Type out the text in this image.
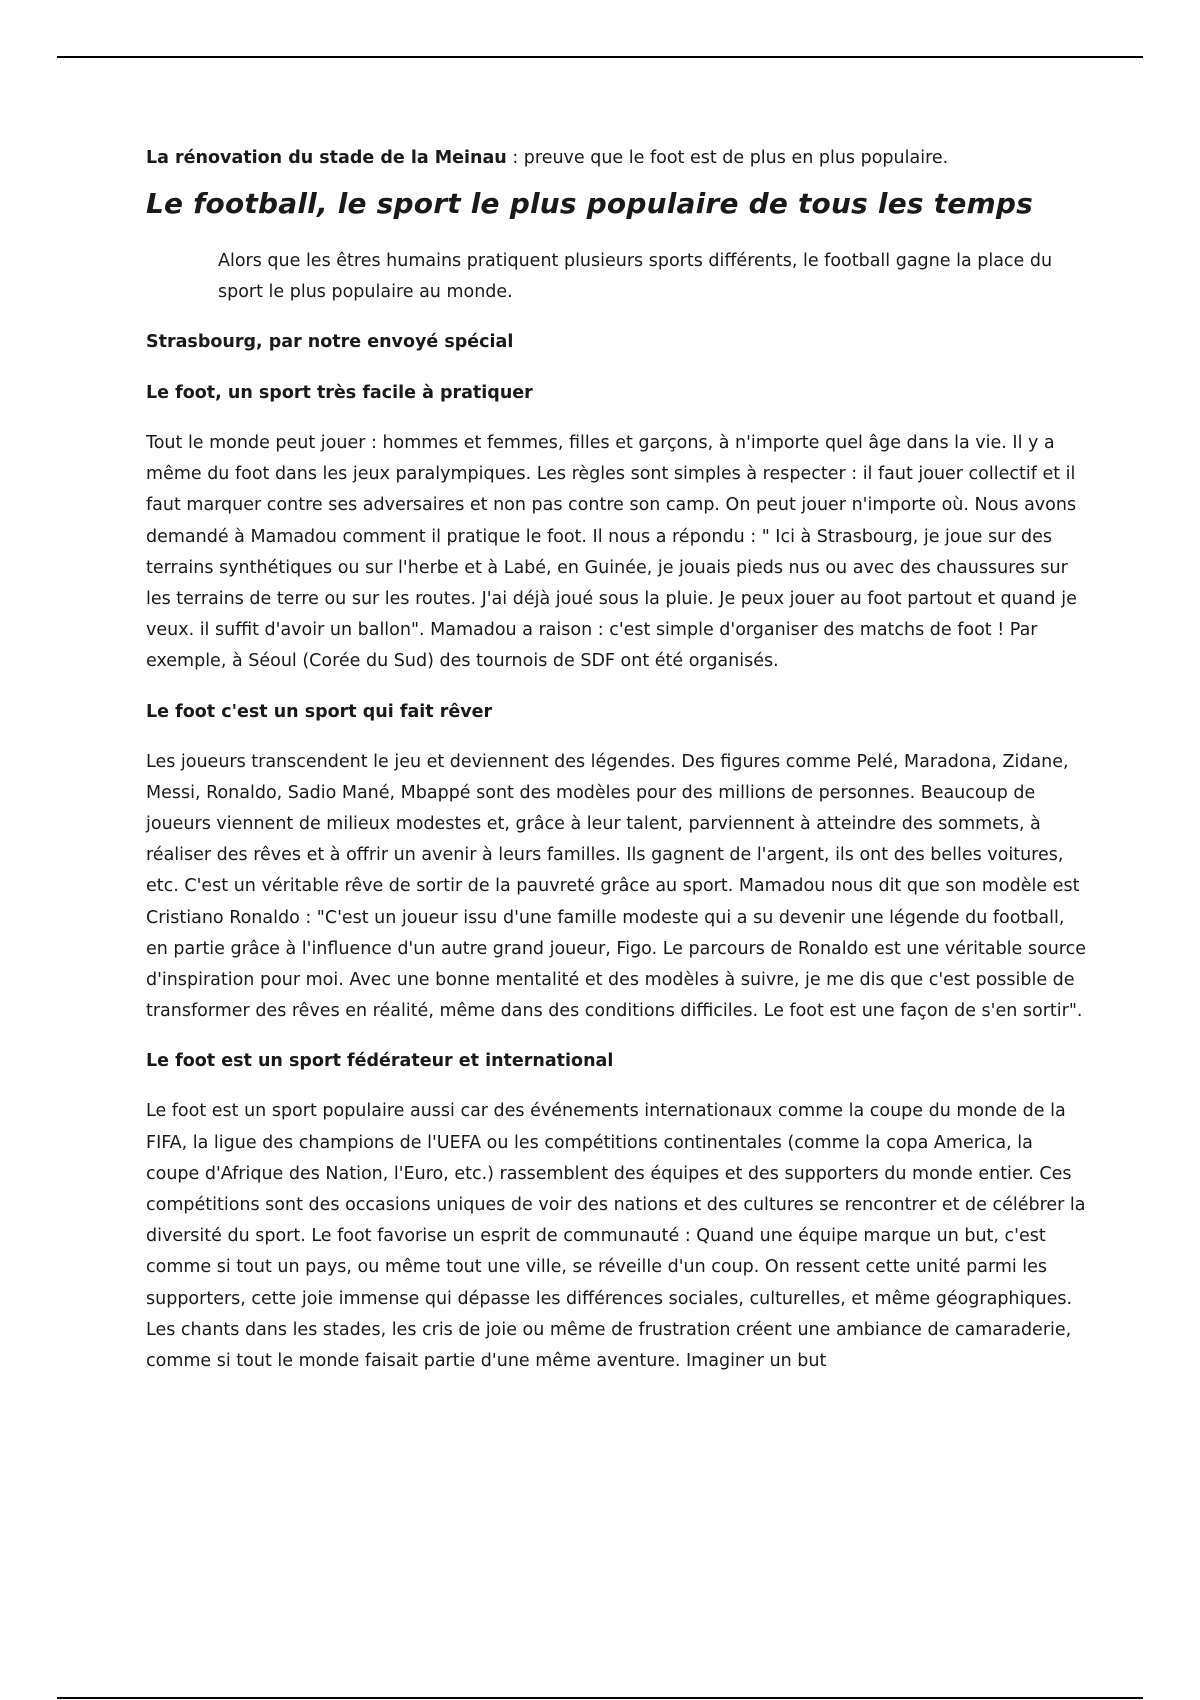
La rénovation du stade de la Meinau : preuve que le foot est de plus en plus populaire.

Le football, le sport le plus populaire de tous les temps

Alors que les êtres humains pratiquent plusieurs sports différents, le football gagne la place du sport le plus populaire au monde.

Strasbourg, par notre envoyé spécial
Le foot, un sport très facile à pratiquer

Tout le monde peut jouer : hommes et femmes, filles et garçons, à n'importe quel âge dans la vie. Il y a même du foot dans les jeux paralympiques. Les règles sont simples à respecter : il faut jouer collectif et il faut marquer contre ses adversaires et non pas contre son camp. On peut jouer n'importe où. Nous avons demandé à Mamadou comment il pratique le foot. Il nous a répondu : " Ici à Strasbourg, je joue sur des terrains synthétiques ou sur l'herbe et à Labé, en Guinée, je jouais pieds nus ou avec des chaussures sur les terrains de terre ou sur les routes. J'ai déjà joué sous la pluie. Je peux jouer au foot partout et quand je veux. il suffit d'avoir un ballon". Mamadou a raison : c'est simple d'organiser des matchs de foot ! Par exemple, à Séoul (Corée du Sud) des tournois de SDF ont été organisés.

Le foot c'est un sport qui fait rêver

Les joueurs transcendent le jeu et deviennent des légendes. Des figures comme Pelé, Maradona, Zidane, Messi, Ronaldo, Sadio Mané, Mbappé sont des modèles pour des millions de personnes. Beaucoup de joueurs viennent de milieux modestes et, grâce à leur talent, parviennent à atteindre des sommets, à réaliser des rêves et à offrir un avenir à leurs familles. Ils gagnent de l'argent, ils ont des belles voitures, etc. C'est un véritable rêve de sortir de la pauvreté grâce au sport. Mamadou nous dit que son modèle est Cristiano Ronaldo : "C'est un joueur issu d'une famille modeste qui a su devenir une légende du football, en partie grâce à l'influence d'un autre grand joueur, Figo. Le parcours de Ronaldo est une véritable source d'inspiration pour moi. Avec une bonne mentalité et des modèles à suivre, je me dis que c'est possible de transformer des rêves en réalité, même dans des conditions difficiles. Le foot est une façon de s'en sortir".

Le foot est un sport fédérateur et international

Le foot est un sport populaire aussi car des événements internationaux comme la coupe du monde de la FIFA, la ligue des champions de l'UEFA ou les compétitions continentales (comme la copa America, la coupe d'Afrique des Nation, l'Euro, etc.) rassemblent des équipes et des supporters du monde entier. Ces compétitions sont des occasions uniques de voir des nations et des cultures se rencontrer et de célébrer la diversité du sport. Le foot favorise un esprit de communauté : Quand une équipe marque un but, c'est comme si tout un pays, ou même tout une ville, se réveille d'un coup. On ressent cette unité parmi les supporters, cette joie immense qui dépasse les différences sociales, culturelles, et même géographiques. Les chants dans les stades, les cris de joie ou même de frustration créent une ambiance de camaraderie, comme si tout le monde faisait partie d'une même aventure. Imaginer un but
